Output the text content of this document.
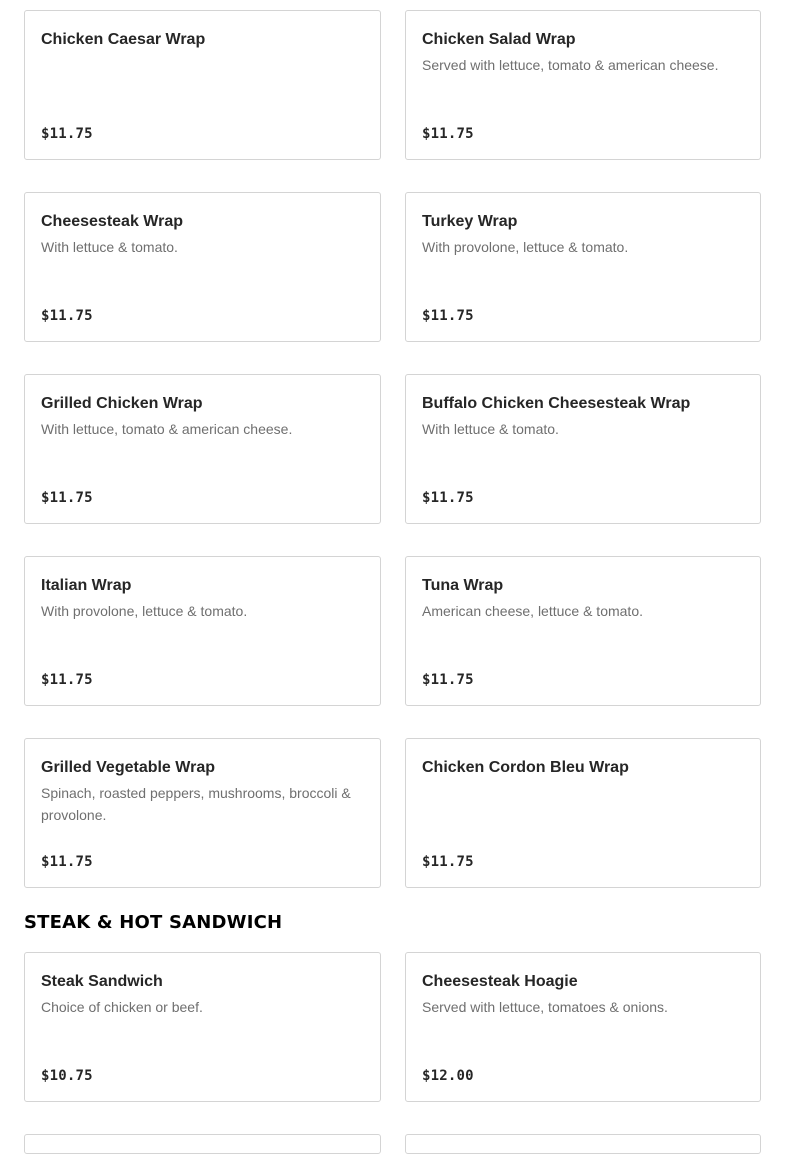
Chicken Caesar Wrap
$11.75
Chicken Salad Wrap
Served with lettuce, tomato & american cheese.
$11.75
Cheesesteak Wrap
With lettuce & tomato.
$11.75
Turkey Wrap
With provolone, lettuce & tomato.
$11.75
Grilled Chicken Wrap
With lettuce, tomato & american cheese.
$11.75
Buffalo Chicken Cheesesteak Wrap
With lettuce & tomato.
$11.75
Italian Wrap
With provolone, lettuce & tomato.
$11.75
Tuna Wrap
American cheese, lettuce & tomato.
$11.75
Grilled Vegetable Wrap
Spinach, roasted peppers, mushrooms, broccoli & provolone.
$11.75
Chicken Cordon Bleu Wrap
$11.75
STEAK & HOT SANDWICH
Steak Sandwich
Choice of chicken or beef.
$10.75
Cheesesteak Hoagie
Served with lettuce, tomatoes & onions.
$12.00
